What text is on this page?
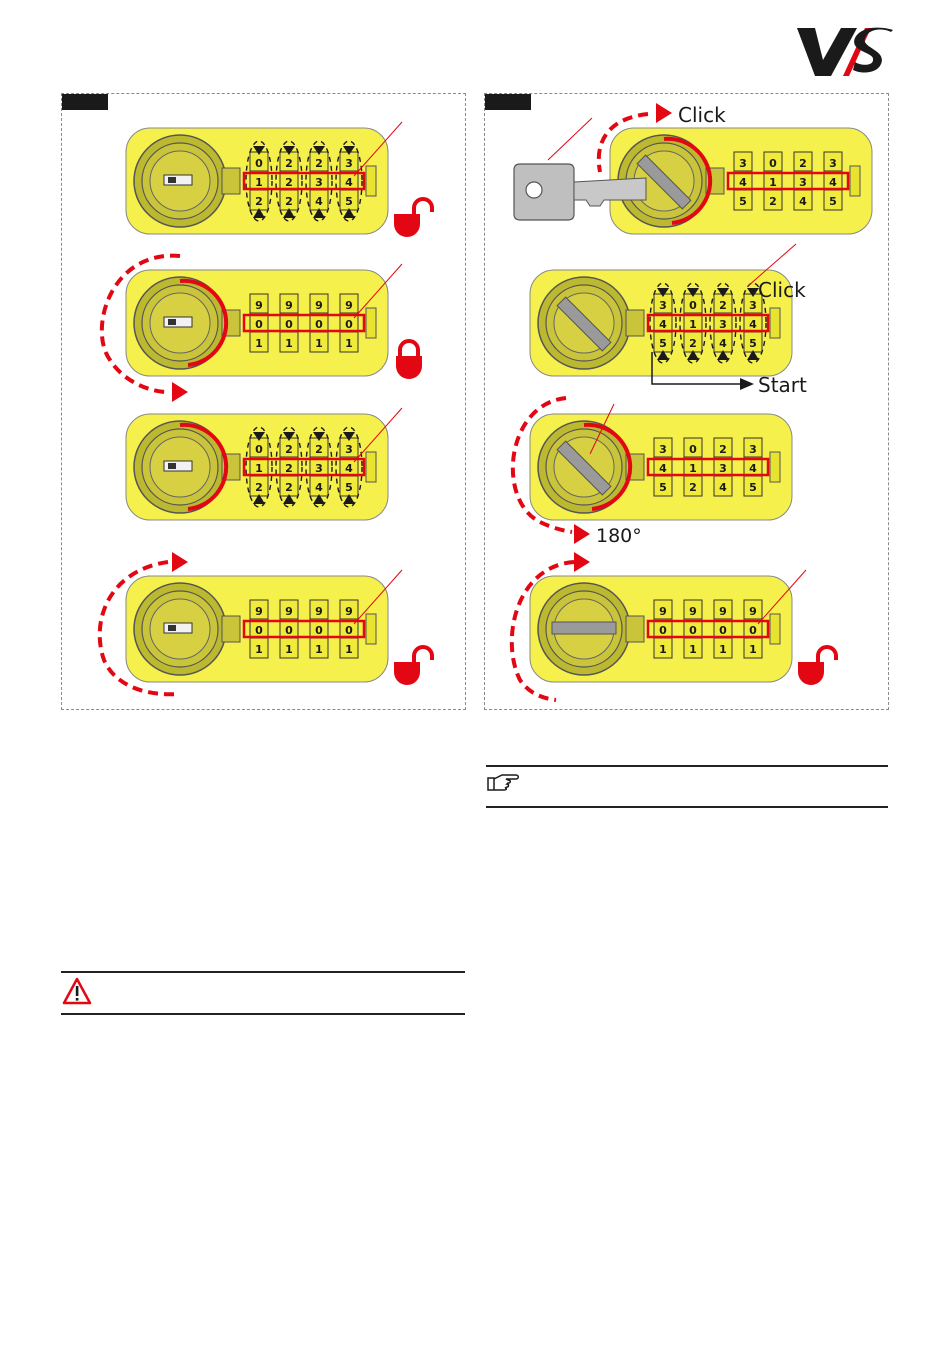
0
1
2
2
2
2
2
3
4
3
4
5
9
0
1
9
0
1
9
0
1
9
0
1
0
1
2
2
2
2
2
3
4
3
4
5
9
0
1
9
0
1
9
0
1
9
0
1
3
4
5
0
1
2
2
3
4
3
4
5
3
4
5
0
1
2
2
3
4
3
4
5
3
4
5
0
1
2
2
3
4
3
4
5
9
0
1
9
0
1
9
0
1
9
0
1
Click
Click
Start
180°
